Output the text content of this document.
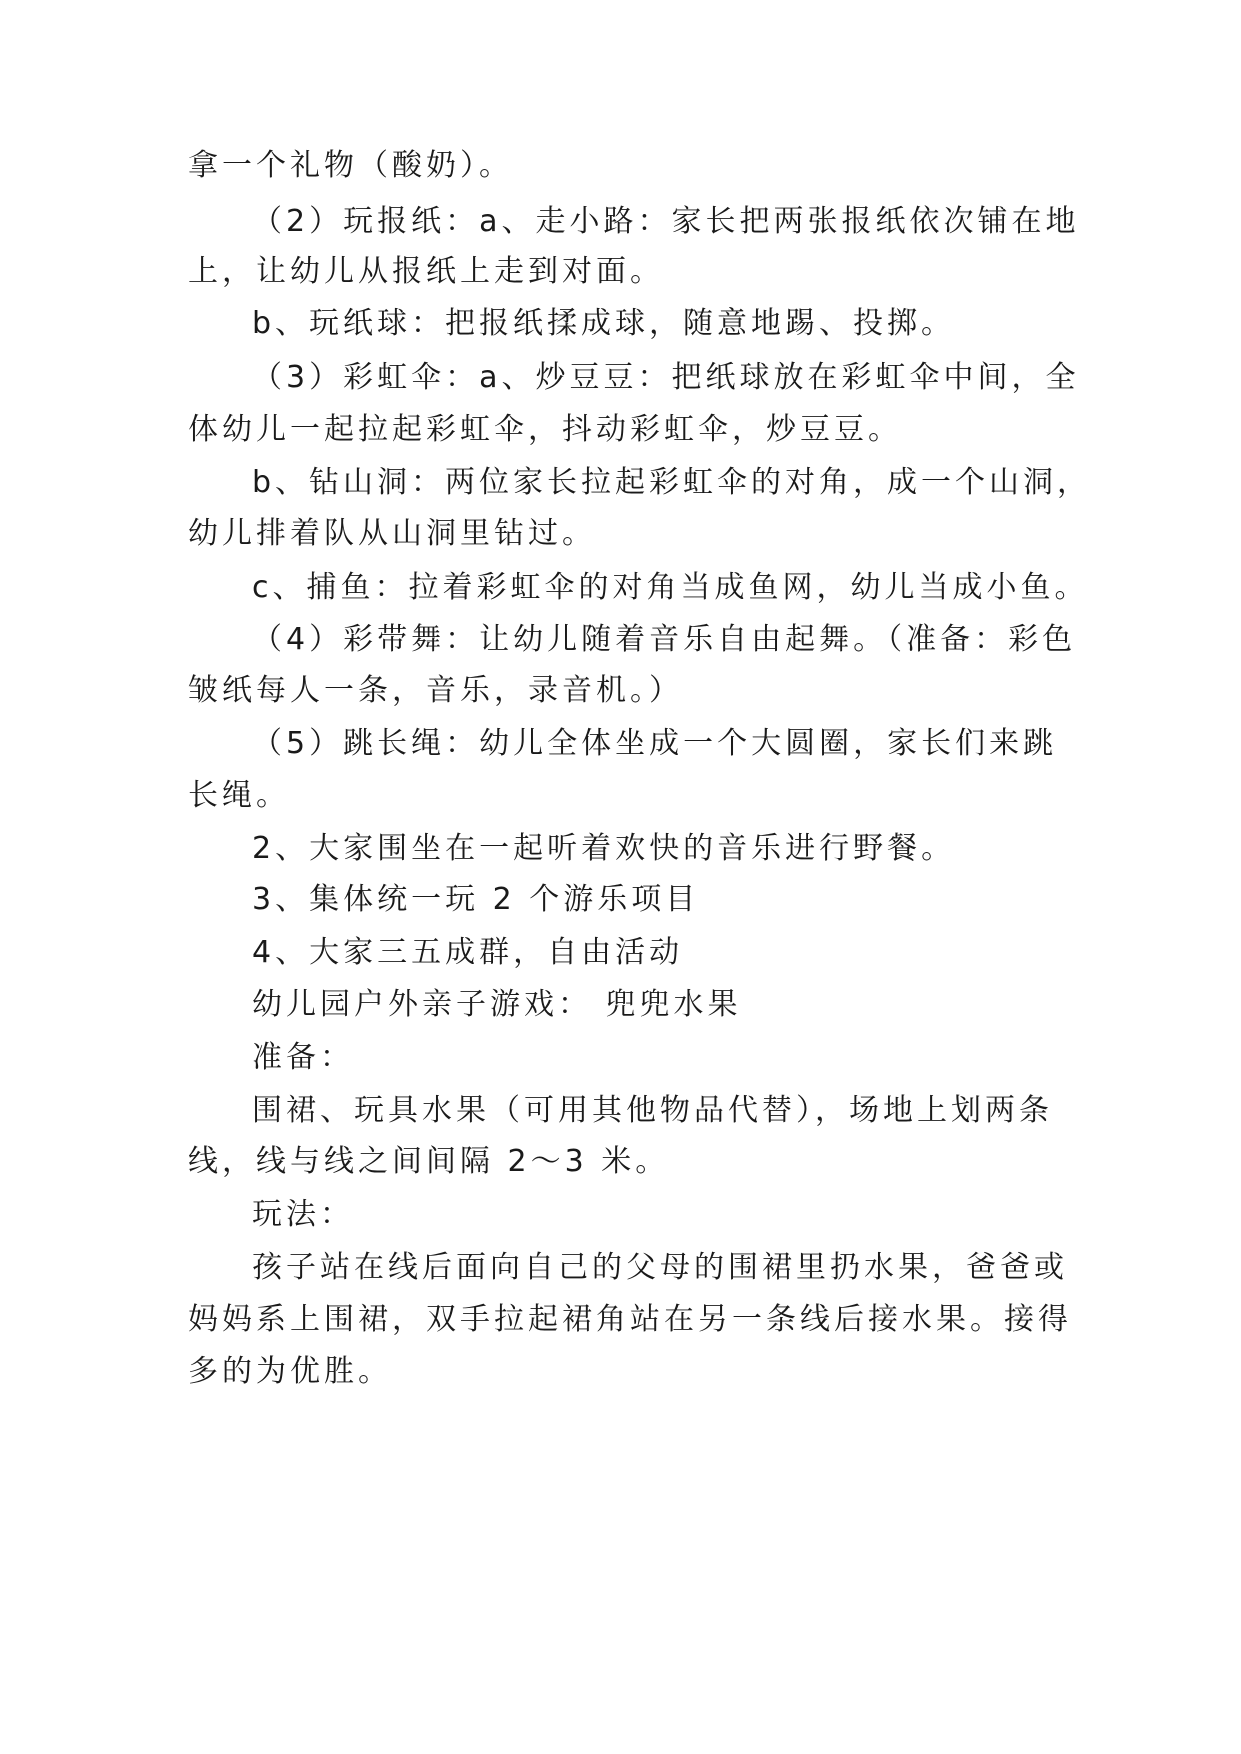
拿一个礼物（酸奶）。
（2）玩报纸：a、走小路：家长把两张报纸依次铺在地
上，让幼儿从报纸上走到对面。
b、玩纸球：把报纸揉成球，随意地踢、投掷。
（3）彩虹伞：a、炒豆豆：把纸球放在彩虹伞中间，全
体幼儿一起拉起彩虹伞，抖动彩虹伞，炒豆豆。
b、钻山洞：两位家长拉起彩虹伞的对角，成一个山洞，
幼儿排着队从山洞里钻过。
c、捕鱼：拉着彩虹伞的对角当成鱼网，幼儿当成小鱼。
（4）彩带舞：让幼儿随着音乐自由起舞。（准备：彩色
皱纸每人一条，音乐，录音机。）
（5）跳长绳：幼儿全体坐成一个大圆圈，家长们来跳
长绳。
2、大家围坐在一起听着欢快的音乐进行野餐。
3、集体统一玩 2 个游乐项目
4、大家三五成群，自由活动
幼儿园户外亲子游戏： 兜兜水果
准备：
围裙、玩具水果（可用其他物品代替），场地上划两条
线，线与线之间间隔 2～3 米。
玩法：
孩子站在线后面向自己的父母的围裙里扔水果，爸爸或
妈妈系上围裙，双手拉起裙角站在另一条线后接水果。接得
多的为优胜。
